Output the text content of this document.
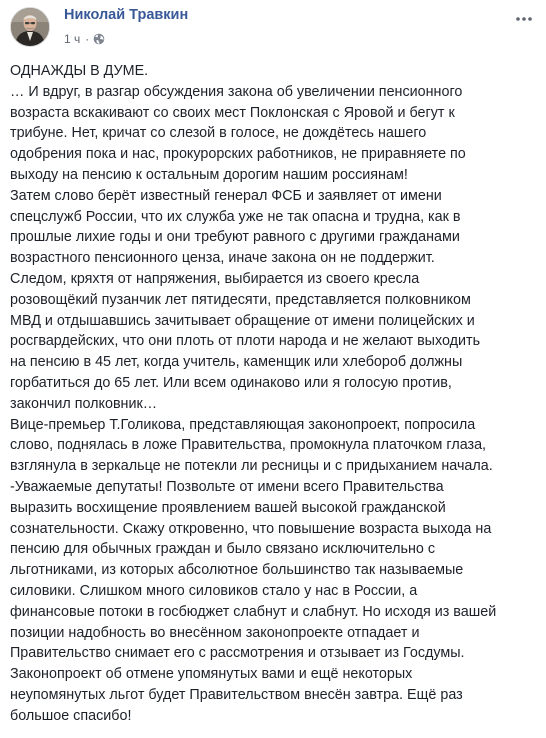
Николай Травкин
1 ч ·
ОДНАЖДЫ В ДУМЕ.
… И вдруг, в разгар обсуждения закона об увеличении пенсионного
возраста вскакивают со своих мест Поклонская с Яровой и бегут к
трибуне. Нет, кричат со слезой в голосе, не дождётесь нашего
одобрения пока и нас, прокурорских работников, не приравняете по
выходу на пенсию к остальным дорогим нашим россиянам!
Затем слово берёт известный генерал ФСБ и заявляет от имени
спецслужб России, что их служба уже не так опасна и трудна, как в
прошлые лихие годы и они требуют равного с другими гражданами
возрастного пенсионного ценза, иначе закона он не поддержит.
Следом, кряхтя от напряжения, выбирается из своего кресла
розовощёкий пузанчик лет пятидесяти, представляется полковником
МВД и отдышавшись зачитывает обращение от имени полицейских и
росгвардейских, что они плоть от плоти народа и не желают выходить
на пенсию в 45 лет, когда учитель, каменщик или хлебороб должны
горбатиться до 65 лет. Или всем одинаково или я голосую против,
закончил полковник…
Вице-премьер Т.Голикова, представляющая законопроект, попросила
слово, поднялась в ложе Правительства, промокнула платочком глаза,
взглянула в зеркальце не потекли ли ресницы и с придыханием начала.
-Уважаемые депутаты! Позвольте от имени всего Правительства
выразить восхищение проявлением вашей высокой гражданской
сознательности. Скажу откровенно, что повышение возраста выхода на
пенсию для обычных граждан и было связано исключительно с
льготниками, из которых абсолютное большинство так называемые
силовики. Слишком много силовиков стало у нас в России, а
финансовые потоки в госбюджет слабнут и слабнут. Но исходя из вашей
позиции надобность во внесённом законопроекте отпадает и
Правительство снимает его с рассмотрения и отзывает из Госдумы.
Законопроект об отмене упомянутых вами и ещё некоторых
неупомянутых льгот будет Правительством внесён завтра. Ещё раз
большое спасибо!
